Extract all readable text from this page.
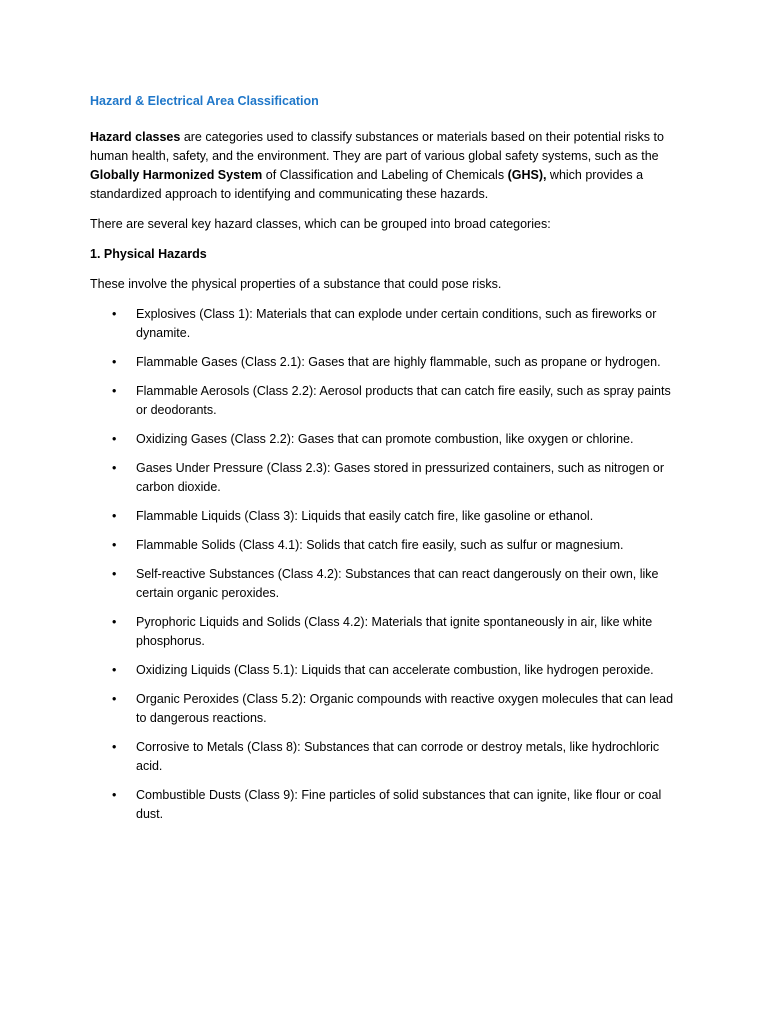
Hazard & Electrical Area Classification

Hazard classes are categories used to classify substances or materials based on their potential risks to human health, safety, and the environment. They are part of various global safety systems, such as the Globally Harmonized System of Classification and Labeling of Chemicals (GHS), which provides a standardized approach to identifying and communicating these hazards.

There are several key hazard classes, which can be grouped into broad categories:

1. Physical Hazards

These involve the physical properties of a substance that could pose risks.

• Explosives (Class 1): Materials that can explode under certain conditions, such as fireworks or dynamite.
• Flammable Gases (Class 2.1): Gases that are highly flammable, such as propane or hydrogen.
• Flammable Aerosols (Class 2.2): Aerosol products that can catch fire easily, such as spray paints or deodorants.
• Oxidizing Gases (Class 2.2): Gases that can promote combustion, like oxygen or chlorine.
• Gases Under Pressure (Class 2.3): Gases stored in pressurized containers, such as nitrogen or carbon dioxide.
• Flammable Liquids (Class 3): Liquids that easily catch fire, like gasoline or ethanol.
• Flammable Solids (Class 4.1): Solids that catch fire easily, such as sulfur or magnesium.
• Self-reactive Substances (Class 4.2): Substances that can react dangerously on their own, like certain organic peroxides.
• Pyrophoric Liquids and Solids (Class 4.2): Materials that ignite spontaneously in air, like white phosphorus.
• Oxidizing Liquids (Class 5.1): Liquids that can accelerate combustion, like hydrogen peroxide.
• Organic Peroxides (Class 5.2): Organic compounds with reactive oxygen molecules that can lead to dangerous reactions.
• Corrosive to Metals (Class 8): Substances that can corrode or destroy metals, like hydrochloric acid.
• Combustible Dusts (Class 9): Fine particles of solid substances that can ignite, like flour or coal dust.
